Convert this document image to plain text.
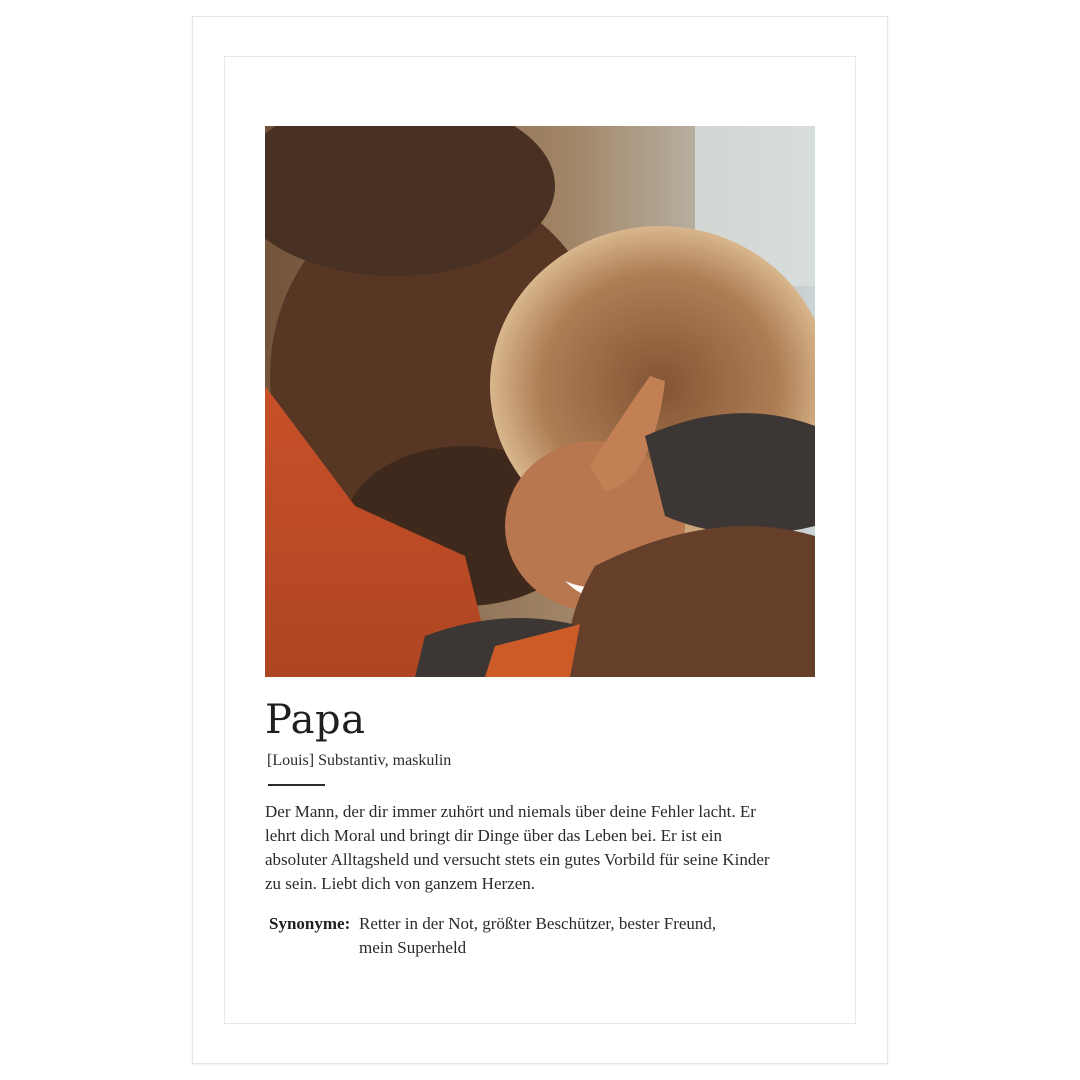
Papa
[Louis] Substantiv, maskulin
Der Mann, der dir immer zuhört und niemals über deine Fehler lacht. Er
lehrt dich Moral und bringt dir Dinge über das Leben bei. Er ist ein
absoluter Alltagsheld und versucht stets ein gutes Vorbild für seine Kinder
zu sein. Liebt dich von ganzem Herzen.
Synonyme: Retter in der Not, größter Beschützer, bester Freund,
mein Superheld
